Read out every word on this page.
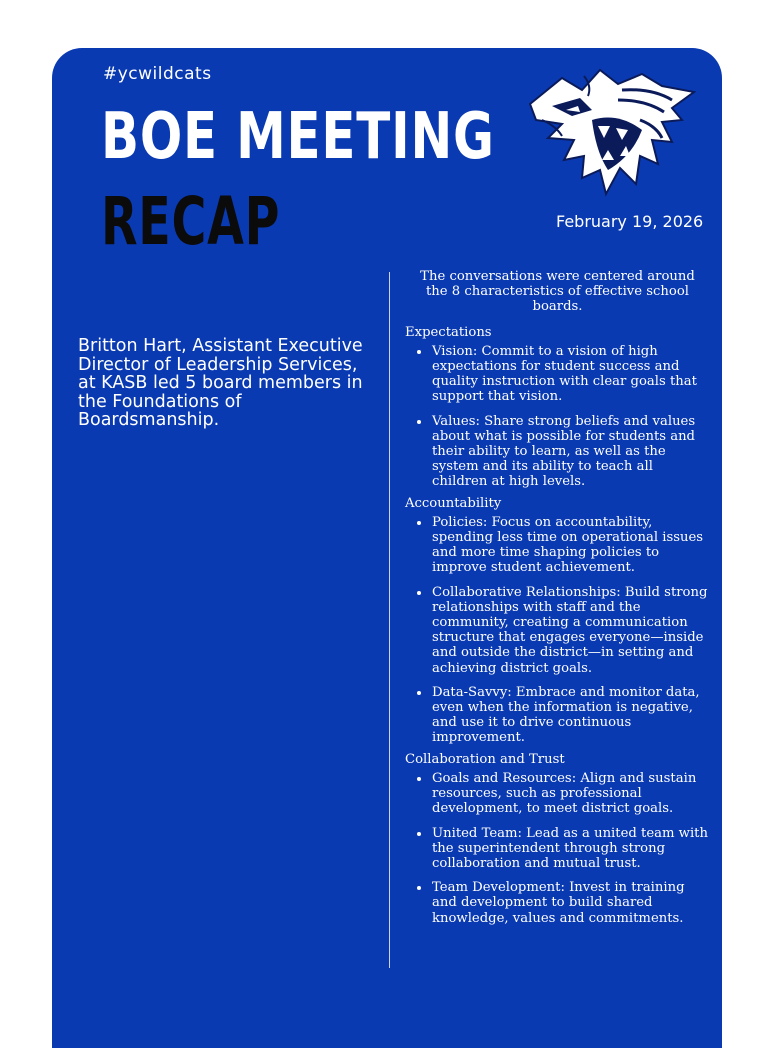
#ycwildcats
BOE MEETING
RECAP	February 19, 2026
Britton Hart, Assistant Executive Director of Leadership Services, at KASB led 5 board members in the Foundations of Boardsmanship.
The conversations were centered around the 8 characteristics of effective school boards.
Expectations
• Vision: Commit to a vision of high expectations for student success and quality instruction with clear goals that support that vision.
• Values: Share strong beliefs and values about what is possible for students and their ability to learn, as well as the system and its ability to teach all children at high levels.
Accountability
• Policies: Focus on accountability, spending less time on operational issues and more time shaping policies to improve student achievement.
• Collaborative Relationships: Build strong relationships with staff and the community, creating a communication structure that engages everyone—inside and outside the district—in setting and achieving district goals.
• Data-Savvy: Embrace and monitor data, even when the information is negative, and use it to drive continuous improvement.
Collaboration and Trust
• Goals and Resources: Align and sustain resources, such as professional development, to meet district goals.
• United Team: Lead as a united team with the superintendent through strong collaboration and mutual trust.
• Team Development: Invest in training and development to build shared knowledge, values and commitments.
